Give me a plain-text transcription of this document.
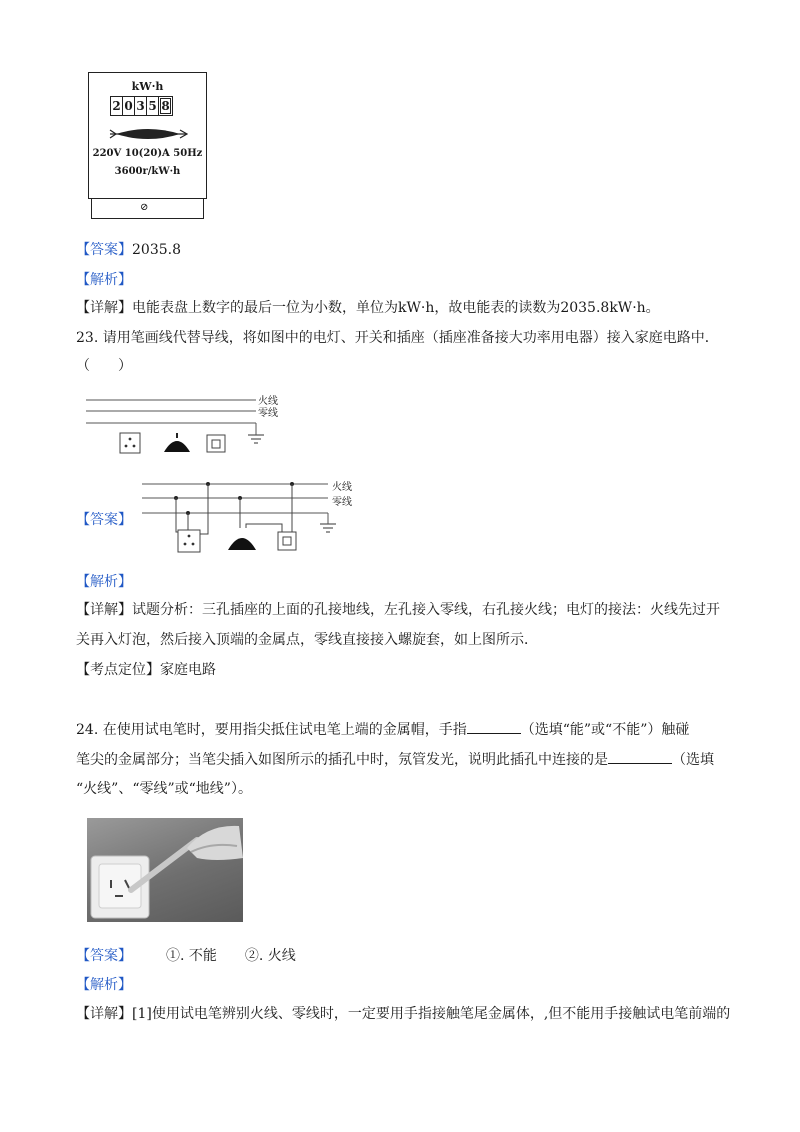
kW·h
2 0 3 5 8
220V 10(20)A 50Hz
3600r/kW·h
⊘
【答案】2035.8
【解析】
【详解】电能表盘上数字的最后一位为小数，单位为kW·h，故电能表的读数为2035.8kW·h。
23. 请用笔画线代替导线，将如图中的电灯、开关和插座（插座准备接大功率用电器）接入家庭电路中．
（　　）
火线
零线
【答案】
火线
零线
【解析】
【详解】试题分析：三孔插座的上面的孔接地线，左孔接入零线，右孔接火线；电灯的接法：火线先过开
关再入灯泡，然后接入顶端的金属点，零线直接接入螺旋套，如上图所示．
【考点定位】家庭电路
24. 在使用试电笔时，要用指尖抵住试电笔上端的金属帽，手指	（选填“能”或“不能”）触碰
笔尖的金属部分；当笔尖插入如图所示的插孔中时，氖管发光，说明此插孔中连接的是	（选填
“火线”、“零线”或“地线”）。
【答案】 ①. 不能 ②. 火线
【解析】
【详解】[1]使用试电笔辨别火线、零线时，一定要用手指接触笔尾金属体，,但不能用手接触试电笔前端的
